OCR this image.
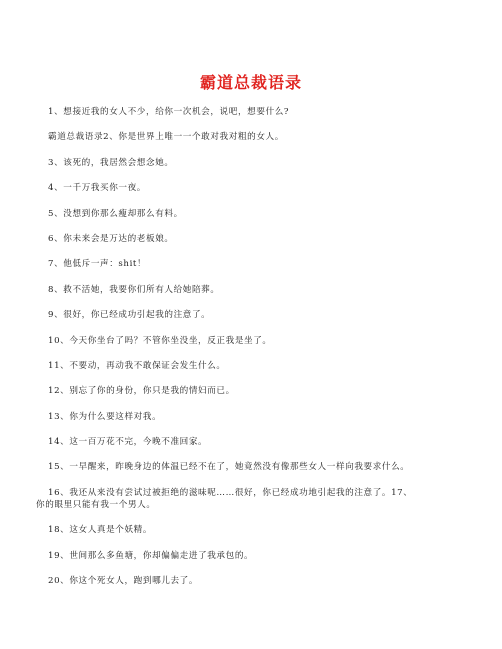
霸道总裁语录
1、想接近我的女人不少，给你一次机会，说吧，想要什么?
霸道总裁语录2、你是世界上唯一一个敢对我对粗的女人。
3、该死的，我居然会想念她。
4、一千万我买你一夜。
5、没想到你那么瘦却那么有料。
6、你未来会是万达的老板娘。
7、他低斥一声：shit！
8、救不活她，我要你们所有人给她陪葬。
9、很好，你已经成功引起我的注意了。
10、今天你坐台了吗？不管你坐没坐，反正我是坐了。
11、不要动，再动我不敢保证会发生什么。
12、别忘了你的身份，你只是我的情妇而已。
13、你为什么要这样对我。
14、这一百万花不完，今晚不准回家。
15、一早醒来，昨晚身边的体温已经不在了，她竟然没有像那些女人一样向我要求什么。
16、我还从来没有尝试过被拒绝的滋味呢……很好，你已经成功地引起我的注意了。17、
你的眼里只能有我一个男人。
18、这女人真是个妖精。
19、世间那么多鱼塘，你却偏偏走进了我承包的。
20、你这个死女人，跑到哪儿去了。
